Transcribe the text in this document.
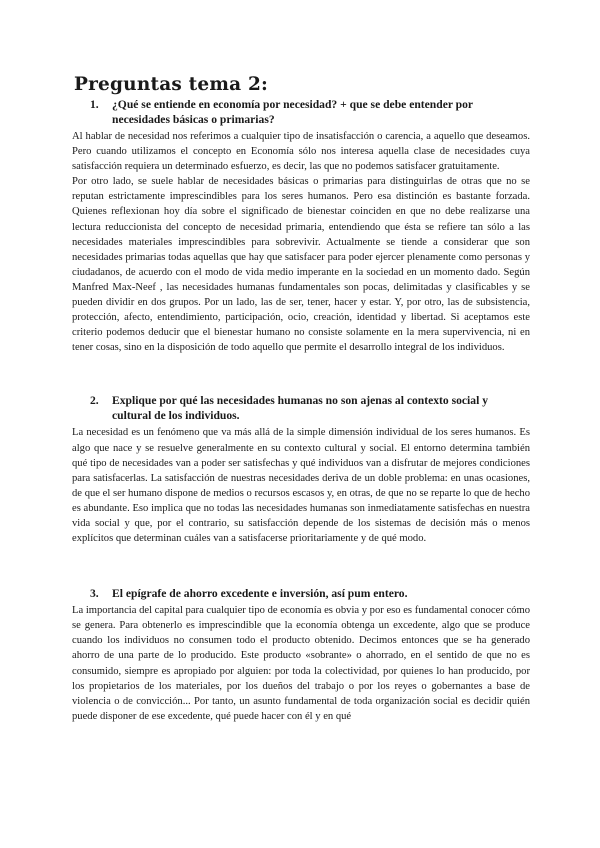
Preguntas tema 2:
1.	¿Qué se entiende en economía por necesidad? + que se debe entender por necesidades básicas o primarias?

Al hablar de necesidad nos referimos a cualquier tipo de insatisfacción o carencia, a aquello que deseamos. Pero cuando utilizamos el concepto en Economía sólo nos interesa aquella clase de necesidades cuya satisfacción requiera un determinado esfuerzo, es decir, las que no podemos satisfacer gratuitamente.

Por otro lado, se suele hablar de necesidades básicas o primarias para distinguirlas de otras que no se reputan estrictamente imprescindibles para los seres humanos. Pero esa distinción es bastante forzada. Quienes reflexionan hoy día sobre el significado de bienestar coinciden en que no debe realizarse una lectura reduccionista del concepto de necesidad primaria, entendiendo que ésta se refiere tan sólo a las necesidades materiales imprescindibles para sobrevivir. Actualmente se tiende a considerar que son necesidades primarias todas aquellas que hay que satisfacer para poder ejercer plenamente como personas y ciudadanos, de acuerdo con el modo de vida medio imperante en la sociedad en un momento dado. Según Manfred Max-Neef , las necesidades humanas fundamentales son pocas, delimitadas y clasificables y se pueden dividir en dos grupos. Por un lado, las de ser, tener, hacer y estar. Y, por otro, las de subsistencia, protección, afecto, entendimiento, participación, ocio, creación, identidad y libertad. Si aceptamos este criterio podemos deducir que el bienestar humano no consiste solamente en la mera supervivencia, ni en tener cosas, sino en la disposición de todo aquello que permite el desarrollo integral de los individuos.

2.	Explique por qué las necesidades humanas no son ajenas al contexto social y cultural de los individuos.

La necesidad es un fenómeno que va más allá de la simple dimensión individual de los seres humanos. Es algo que nace y se resuelve generalmente en su contexto cultural y social. El entorno determina también qué tipo de necesidades van a poder ser satisfechas y qué individuos van a disfrutar de mejores condiciones para satisfacerlas. La satisfacción de nuestras necesidades deriva de un doble problema: en unas ocasiones, de que el ser humano dispone de medios o recursos escasos y, en otras, de que no se reparte lo que de hecho es abundante. Eso implica que no todas las necesidades humanas son inmediatamente satisfechas en nuestra vida social y que, por el contrario, su satisfacción depende de los sistemas de decisión más o menos explícitos que determinan cuáles van a satisfacerse prioritariamente y de qué modo.

3.	El epígrafe de ahorro excedente e inversión, así pum entero.

La importancia del capital para cualquier tipo de economía es obvia y por eso es fundamental conocer cómo se genera. Para obtenerlo es imprescindible que la economía obtenga un excedente, algo que se produce cuando los individuos no consumen todo el producto obtenido. Decimos entonces que se ha generado ahorro de una parte de lo producido. Este producto «sobrante» o ahorrado, en el sentido de que no es consumido, siempre es apropiado por alguien: por toda la colectividad, por quienes lo han producido, por los propietarios de los materiales, por los dueños del trabajo o por los reyes o gobernantes a base de violencia o de convicción... Por tanto, un asunto fundamental de toda organización social es decidir quién puede disponer de ese excedente, qué puede hacer con él y en qué
